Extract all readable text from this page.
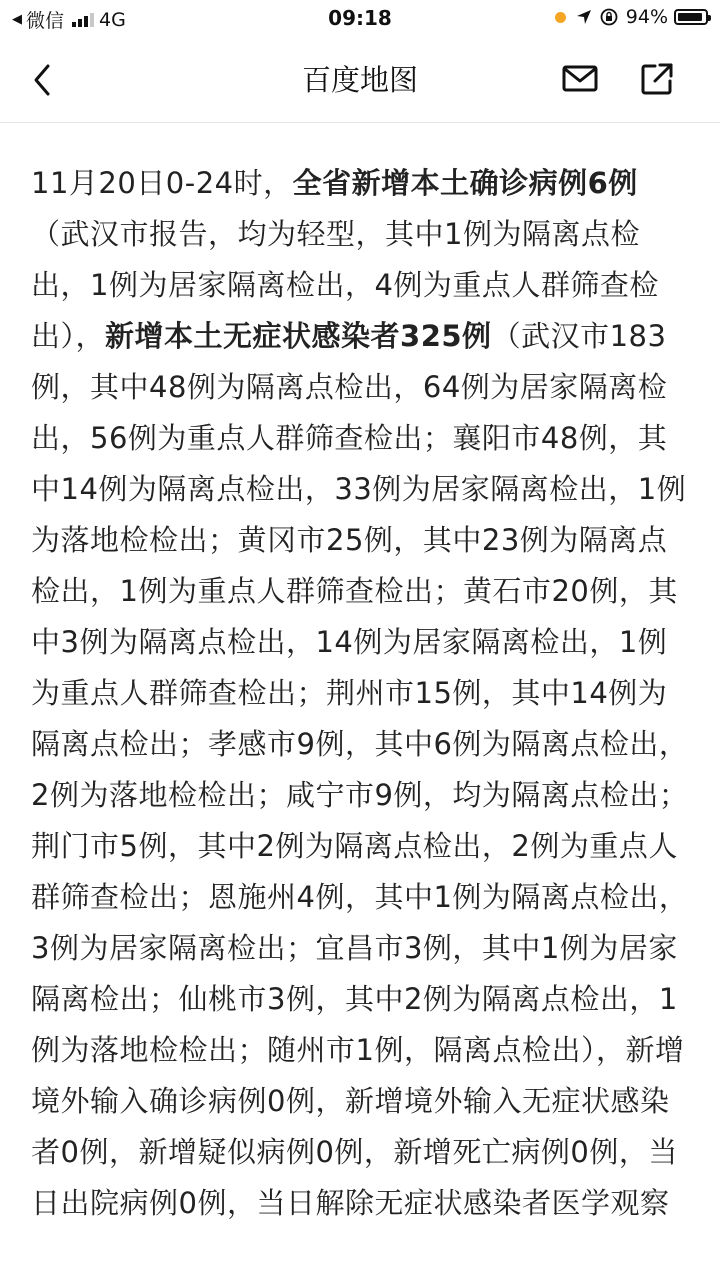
◀ 微信 4G	09:18	94%
百度地图
11月20日0-24时，全省新增本土确诊病例6例（武汉市报告，均为轻型，其中1例为隔离点检出，1例为居家隔离检出，4例为重点人群筛查检出），新增本土无症状感染者325例（武汉市183例，其中48例为隔离点检出，64例为居家隔离检出，56例为重点人群筛查检出；襄阳市48例，其中14例为隔离点检出，33例为居家隔离检出，1例为落地检检出；黄冈市25例，其中23例为隔离点检出，1例为重点人群筛查检出；黄石市20例，其中3例为隔离点检出，14例为居家隔离检出，1例为重点人群筛查检出；荆州市15例，其中14例为隔离点检出；孝感市9例，其中6例为隔离点检出，2例为落地检检出；咸宁市9例，均为隔离点检出；荆门市5例，其中2例为隔离点检出，2例为重点人群筛查检出；恩施州4例，其中1例为隔离点检出，3例为居家隔离检出；宜昌市3例，其中1例为居家隔离检出；仙桃市3例，其中2例为隔离点检出，1例为落地检检出；随州市1例，隔离点检出），新增境外输入确诊病例0例，新增境外输入无症状感染者0例，新增疑似病例0例，新增死亡病例0例，当日出院病例0例，当日解除无症状感染者医学观察
